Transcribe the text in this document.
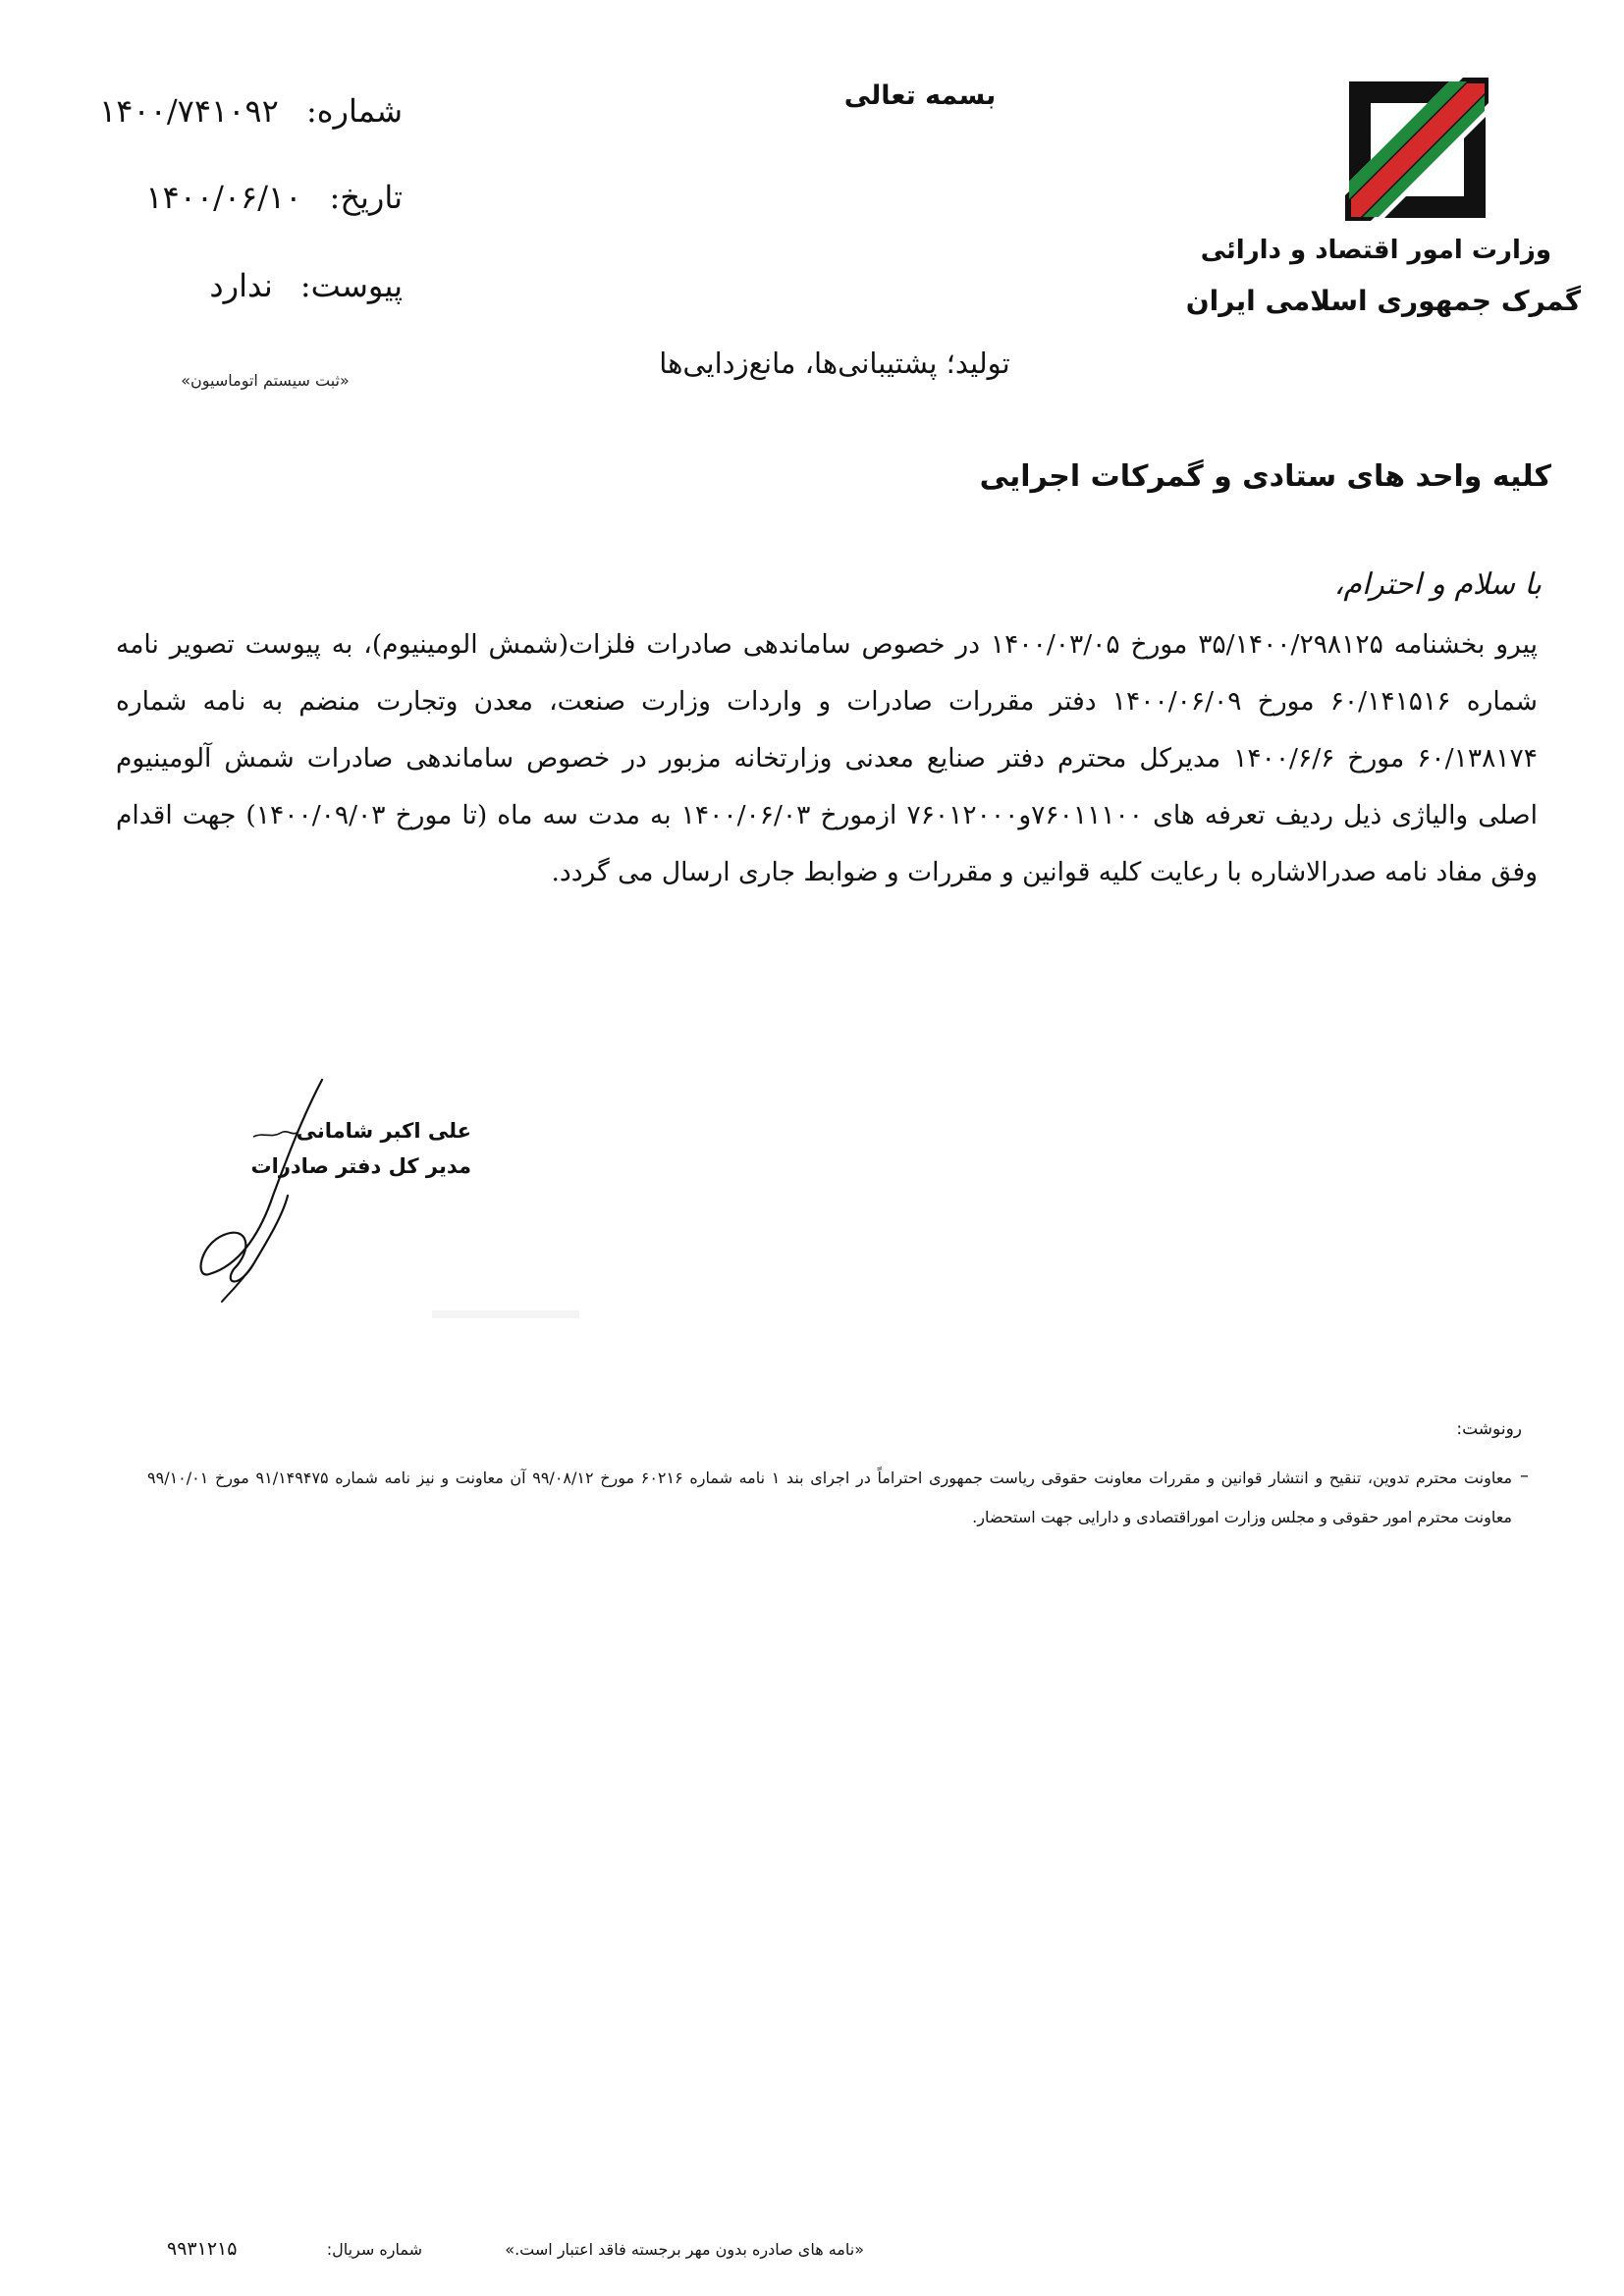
بسمه تعالی
شماره: ۱۴۰۰/۷۴۱۰۹۲
تاریخ: ۱۴۰۰/۰۶/۱۰
پیوست: ندارد
«ثبت سیستم اتوماسیون»
تولید؛ پشتیبانی‌ها، مانع‌زدایی‌ها
وزارت امور اقتصاد و دارائی
گمرک جمهوری اسلامی ایران
کلیه واحد های ستادی و گمرکات اجرایی
با سلام و احترام،
پیرو بخشنامه ۳۵/۱۴۰۰/۲۹۸۱۲۵ مورخ ۱۴۰۰/۰۳/۰۵ در خصوص ساماندهی صادرات فلزات(شمش الومینیوم)، به پیوست تصویر نامه شماره ۶۰/۱۴۱۵۱۶ مورخ ۱۴۰۰/۰۶/۰۹ دفتر مقررات صادرات و واردات وزارت صنعت، معدن وتجارت منضم به نامه شماره ۶۰/۱۳۸۱۷۴ مورخ ۱۴۰۰/۶/۶ مدیرکل محترم دفتر صنایع معدنی وزارتخانه مزبور در خصوص ساماندهی صادرات شمش آلومینیوم اصلی والیاژی ذیل ردیف تعرفه های ۷۶۰۱۱۱۰۰و۷۶۰۱۲۰۰۰ ازمورخ ۱۴۰۰/۰۶/۰۳ به مدت سه ماه (تا مورخ ۱۴۰۰/۰۹/۰۳) جهت اقدام وفق مفاد نامه صدرالاشاره با رعایت کلیه قوانین و مقررات و ضوابط جاری ارسال می گردد.
علی اکبر شامانی
مدیر کل دفتر صادرات
رونوشت:
–
معاونت محترم تدوین، تنقیح و انتشار قوانین و مقررات معاونت حقوقی ریاست جمهوری احتراماً در اجرای بند ۱ نامه شماره ۶۰۲۱۶ مورخ ۹۹/۰۸/۱۲ آن معاونت و نیز نامه شماره ۹۱/۱۴۹۴۷۵ مورخ ۹۹/۱۰/۰۱ معاونت محترم امور حقوقی و مجلس وزارت اموراقتصادی و دارایی جهت استحضار.
«نامه های صادره بدون مهر برجسته فاقد اعتبار است.»
شماره سریال:
۹۹۳۱۲۱۵
